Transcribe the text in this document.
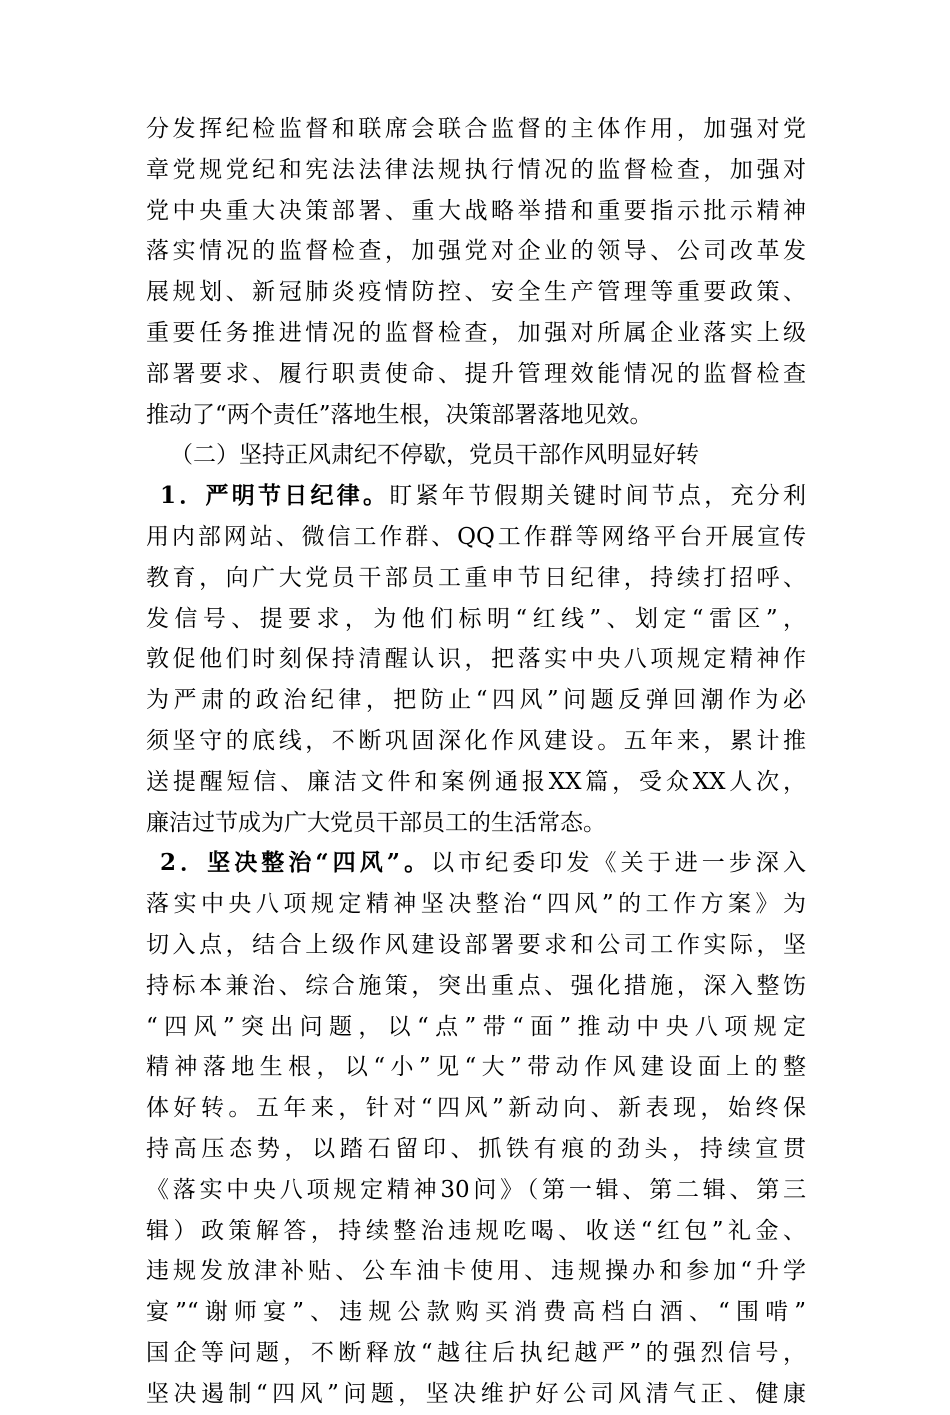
分发挥纪检监督和联席会联合监督的主体作用，加强对党
章党规党纪和宪法法律法规执行情况的监督检查，加强对
党中央重大决策部署、重大战略举措和重要指示批示精神
落实情况的监督检查，加强党对企业的领导、公司改革发
展规划、新冠肺炎疫情防控、安全生产管理等重要政策、
重要任务推进情况的监督检查，加强对所属企业落实上级
部署要求、履行职责使命、提升管理效能情况的监督检查
推动了“两个责任”落地生根，决策部署落地见效。
（二）坚持正风肃纪不停歇，党员干部作风明显好转
1．严明节日纪律。盯紧年节假期关键时间节点，充分利
用内部网站、微信工作群、QQ工作群等网络平台开展宣传
教育，向广大党员干部员工重申节日纪律，持续打招呼、
发信号、提要求，为他们标明“红线”、划定“雷区”，
敦促他们时刻保持清醒认识，把落实中央八项规定精神作
为严肃的政治纪律，把防止“四风”问题反弹回潮作为必
须坚守的底线，不断巩固深化作风建设。五年来，累计推
送提醒短信、廉洁文件和案例通报XX篇，受众XX人次，
廉洁过节成为广大党员干部员工的生活常态。
2．坚决整治“四风”。以市纪委印发《关于进一步深入
落实中央八项规定精神坚决整治“四风”的工作方案》为
切入点，结合上级作风建设部署要求和公司工作实际，坚
持标本兼治、综合施策，突出重点、强化措施，深入整饬
“四风”突出问题，以“点”带“面”推动中央八项规定
精神落地生根，以“小”见“大”带动作风建设面上的整
体好转。五年来，针对“四风”新动向、新表现，始终保
持高压态势，以踏石留印、抓铁有痕的劲头，持续宣贯
《落实中央八项规定精神30问》（第一辑、第二辑、第三
辑）政策解答，持续整治违规吃喝、收送“红包”礼金、
违规发放津补贴、公车油卡使用、违规操办和参加“升学
宴”“谢师宴”、违规公款购买消费高档白酒、“围啃”
国企等问题，不断释放“越往后执纪越严”的强烈信号，
坚决遏制“四风”问题，坚决维护好公司风清气正、健康
